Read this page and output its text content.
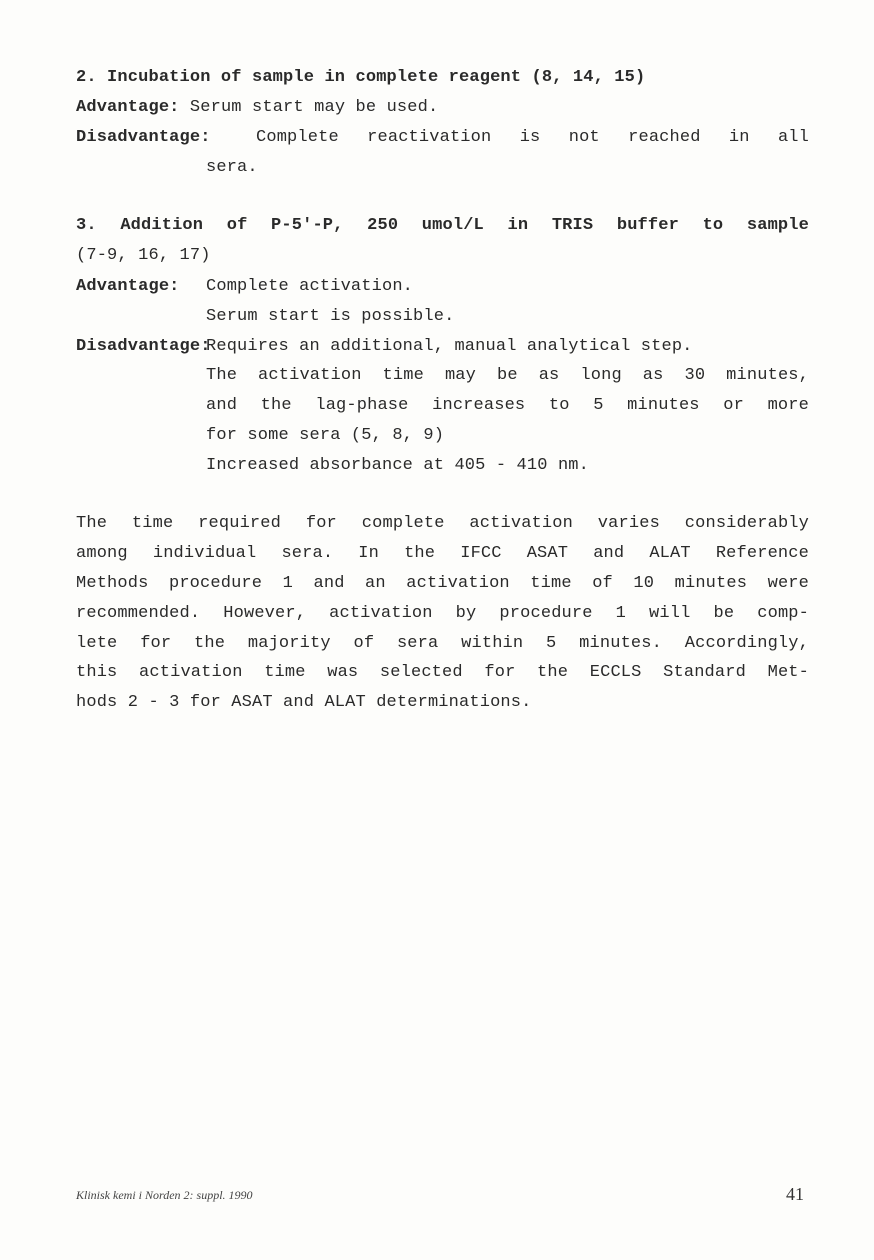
2. Incubation of sample in complete reagent (8, 14, 15)
Advantage: Serum start may be used.
Disadvantage:	Complete reactivation is not reached in all
sera.
3. Addition of P-5′-P, 250 umol/L in TRIS buffer to sample
(7-9, 16, 17)
Advantage: Complete activation.
Serum start is possible.
Disadvantage:
Requires an additional, manual analytical step.
The activation time may be as long as 30 minutes,
and the lag-phase increases to 5 minutes or more
for some sera (5, 8, 9)
Increased absorbance at 405 - 410 nm.
The time required for complete activation varies considerably
among individual sera. In the IFCC ASAT and ALAT Reference
Methods procedure 1 and an activation time of 10 minutes were
recommended. However, activation by procedure 1 will be comp-
lete for the majority of sera within 5 minutes. Accordingly,
this activation time was selected for the ECCLS Standard Met-
hods 2 - 3 for ASAT and ALAT determinations.
Klinisk kemi i Norden 2: suppl. 1990	41
